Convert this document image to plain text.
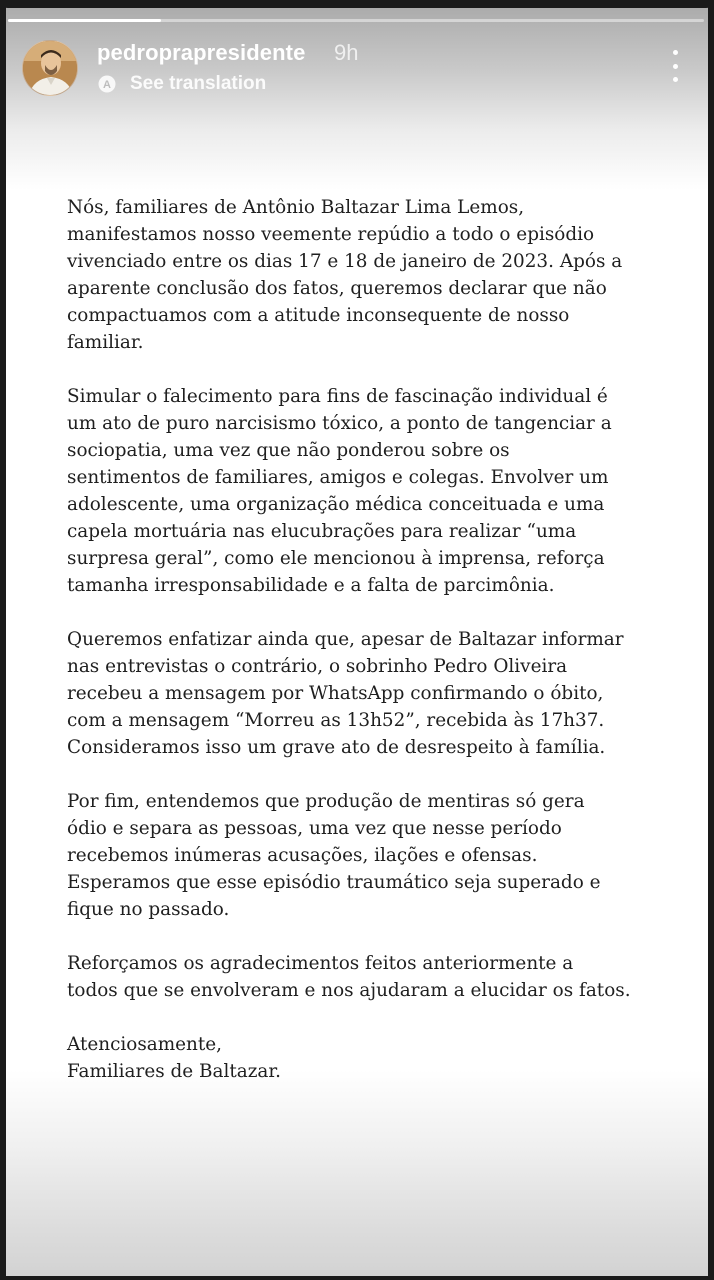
pedroprapresidente 9h
A See translation

Nós, familiares de Antônio Baltazar Lima Lemos,
manifestamos nosso veemente repúdio a todo o episódio
vivenciado entre os dias 17 e 18 de janeiro de 2023. Após a
aparente conclusão dos fatos, queremos declarar que não
compactuamos com a atitude inconsequente de nosso
familiar.

Simular o falecimento para fins de fascinação individual é
um ato de puro narcisismo tóxico, a ponto de tangenciar a
sociopatia, uma vez que não ponderou sobre os
sentimentos de familiares, amigos e colegas. Envolver um
adolescente, uma organização médica conceituada e uma
capela mortuária nas elucubrações para realizar “uma
surpresa geral”, como ele mencionou à imprensa, reforça
tamanha irresponsabilidade e a falta de parcimônia.

Queremos enfatizar ainda que, apesar de Baltazar informar
nas entrevistas o contrário, o sobrinho Pedro Oliveira
recebeu a mensagem por WhatsApp confirmando o óbito,
com a mensagem “Morreu as 13h52”, recebida às 17h37.
Consideramos isso um grave ato de desrespeito à família.

Por fim, entendemos que produção de mentiras só gera
ódio e separa as pessoas, uma vez que nesse período
recebemos inúmeras acusações, ilações e ofensas.
Esperamos que esse episódio traumático seja superado e
fique no passado.

Reforçamos os agradecimentos feitos anteriormente a
todos que se envolveram e nos ajudaram a elucidar os fatos.

Atenciosamente,
Familiares de Baltazar.
